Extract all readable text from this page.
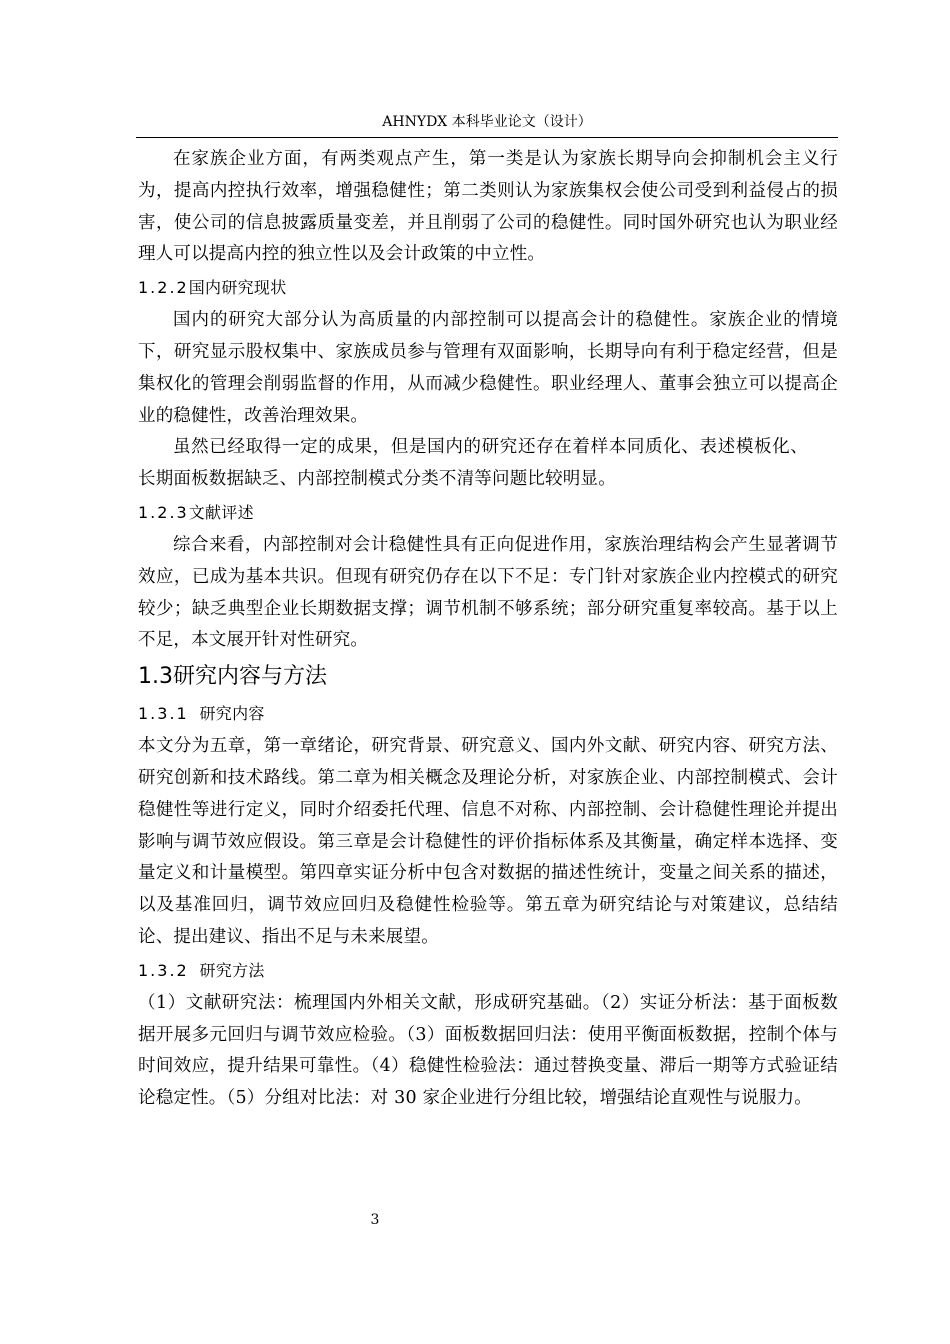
AHNYDX 本科毕业论文（设计）

在家族企业方面，有两类观点产生，第一类是认为家族长期导向会抑制机会主义行为，提高内控执行效率，增强稳健性；第二类则认为家族集权会使公司受到利益侵占的损害，使公司的信息披露质量变差，并且削弱了公司的稳健性。同时国外研究也认为职业经理人可以提高内控的独立性以及会计政策的中立性。

1.2.2国内研究现状

国内的研究大部分认为高质量的内部控制可以提高会计的稳健性。家族企业的情境下，研究显示股权集中、家族成员参与管理有双面影响，长期导向有利于稳定经营，但是集权化的管理会削弱监督的作用，从而减少稳健性。职业经理人、董事会独立可以提高企业的稳健性，改善治理效果。

虽然已经取得一定的成果，但是国内的研究还存在着样本同质化、表述模板化、长期面板数据缺乏、内部控制模式分类不清等问题比较明显。

1.2.3文献评述

综合来看，内部控制对会计稳健性具有正向促进作用，家族治理结构会产生显著调节效应，已成为基本共识。但现有研究仍存在以下不足：专门针对家族企业内控模式的研究较少；缺乏典型企业长期数据支撑；调节机制不够系统；部分研究重复率较高。基于以上不足，本文展开针对性研究。

1.3研究内容与方法
1.3.1 研究内容

本文分为五章，第一章绪论，研究背景、研究意义、国内外文献、研究内容、研究方法、研究创新和技术路线。第二章为相关概念及理论分析，对家族企业、内部控制模式、会计稳健性等进行定义，同时介绍委托代理、信息不对称、内部控制、会计稳健性理论并提出影响与调节效应假设。第三章是会计稳健性的评价指标体系及其衡量，确定样本选择、变量定义和计量模型。第四章实证分析中包含对数据的描述性统计，变量之间关系的描述，以及基准回归，调节效应回归及稳健性检验等。第五章为研究结论与对策建议，总结结论、提出建议、指出不足与未来展望。

1.3.2 研究方法

（1）文献研究法：梳理国内外相关文献，形成研究基础。（2）实证分析法：基于面板数据开展多元回归与调节效应检验。（3）面板数据回归法：使用平衡面板数据，控制个体与时间效应，提升结果可靠性。（4）稳健性检验法：通过替换变量、滞后一期等方式验证结论稳定性。（5）分组对比法：对 30 家企业进行分组比较，增强结论直观性与说服力。

3
